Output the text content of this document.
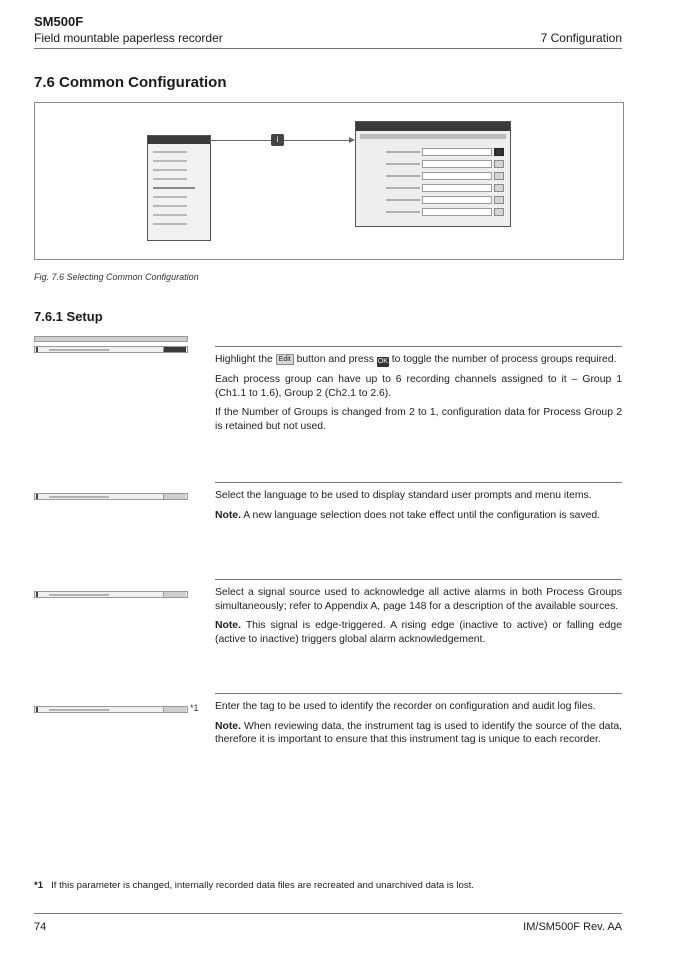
SM500F
Field mountable paperless recorder	7 Configuration
7.6 Common Configuration
i
Fig. 7.6 Selecting Common Configuration
7.6.1 Setup

Highlight the Edit button and press OK to toggle the number of process groups required.

Each process group can have up to 6 recording channels assigned to it – Group 1 (Ch1.1 to 1.6), Group 2 (Ch2.1 to 2.6).

If the Number of Groups is changed from 2 to 1, configuration data for Process Group 2 is retained but not used.

Select the language to be used to display standard user prompts and menu items.

Note. A new language selection does not take effect until the configuration is saved.

Select a signal source used to acknowledge all active alarms in both Process Groups simultaneously; refer to Appendix A, page 148 for a description of the available sources.

Note. This signal is edge-triggered. A rising edge (inactive to active) or falling edge (active to inactive) triggers global alarm acknowledgement.

*1 Enter the tag to be used to identify the recorder on configuration and audit log files.

Note. When reviewing data, the instrument tag is used to identify the source of the data, therefore it is important to ensure that this instrument tag is unique to each recorder.

*1 If this parameter is changed, internally recorded data files are recreated and unarchived data is lost.
74	IM/SM500F Rev. AA
